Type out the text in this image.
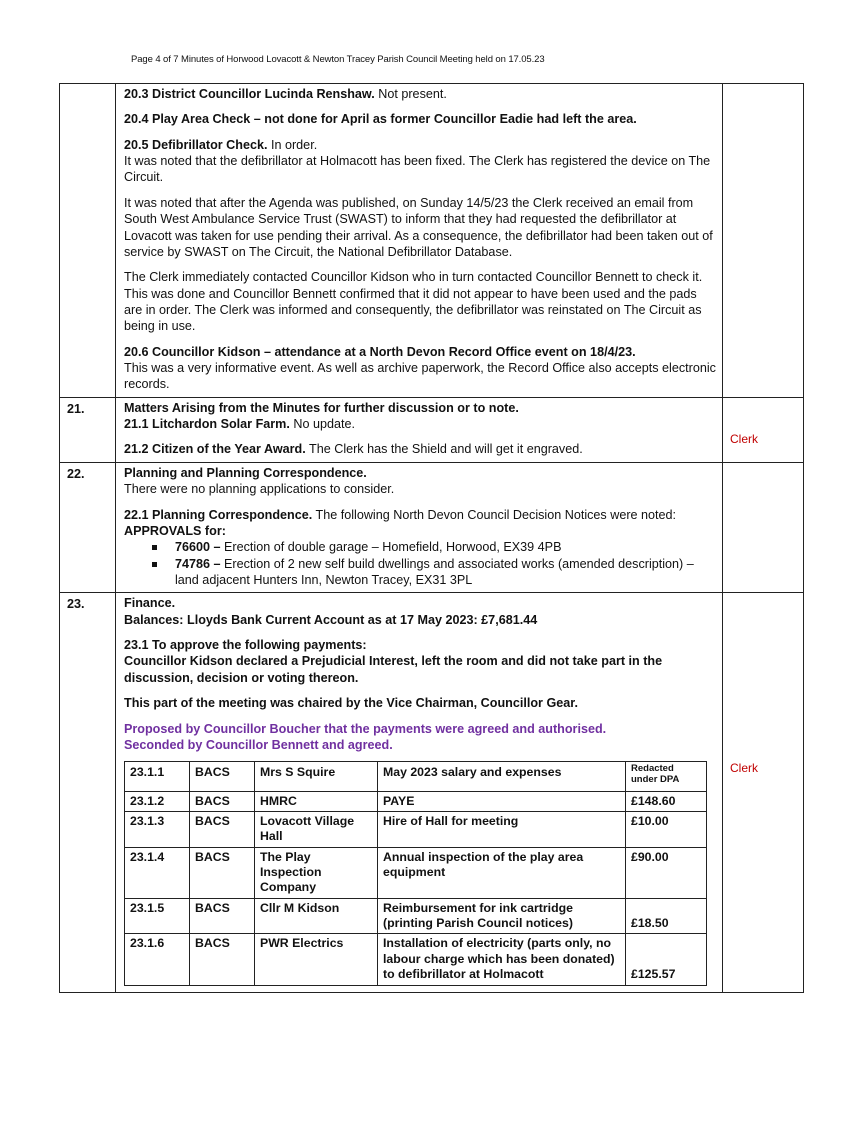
Page 4 of 7 Minutes of Horwood Lovacott & Newton Tracey Parish Council Meeting held on 17.05.23

20.3 District Councillor Lucinda Renshaw. Not present.

20.4 Play Area Check – not done for April as former Councillor Eadie had left the area.

20.5 Defibrillator Check. In order.

It was noted that the defibrillator at Holmacott has been fixed. The Clerk has registered the device on The Circuit.

It was noted that after the Agenda was published, on Sunday 14/5/23 the Clerk received an email from South West Ambulance Service Trust (SWAST) to inform that they had requested the defibrillator at Lovacott was taken for use pending their arrival. As a consequence, the defibrillator had been taken out of service by SWAST on The Circuit, the National Defibrillator Database.

The Clerk immediately contacted Councillor Kidson who in turn contacted Councillor Bennett to check it. This was done and Councillor Bennett confirmed that it did not appear to have been used and the pads are in order. The Clerk was informed and consequently, the defibrillator was reinstated on The Circuit as being in use.

20.6 Councillor Kidson – attendance at a North Devon Record Office event on 18/4/23.

This was a very informative event. As well as archive paperwork, the Record Office also accepts electronic records.

21.	Matters Arising from the Minutes for further discussion or to note.

21.1 Litchardon Solar Farm. No update.

21.2 Citizen of the Year Award. The Clerk has the Shield and will get it engraved.

	Clerk
22.	Planning and Planning Correspondence.

There were no planning applications to consider.

22.1 Planning Correspondence. The following North Devon Council Decision Notices were noted:

APPROVALS for:

76600 – Erection of double garage – Homefield, Horwood, EX39 4PB
74786 – Erection of 2 new self build dwellings and associated works (amended description) – land adjacent Hunters Inn, Newton Tracey, EX31 3PL

23.	Finance.

Balances: Lloyds Bank Current Account as at 17 May 2023: £7,681.44

23.1 To approve the following payments:

Councillor Kidson declared a Prejudicial Interest, left the room and did not take part in the discussion, decision or voting thereon.

This part of the meeting was chaired by the Vice Chairman, Councillor Gear.

Proposed by Councillor Boucher that the payments were agreed and authorised.

Seconded by Councillor Bennett and agreed.

23.1.1	BACS	Mrs S Squire	May 2023 salary and expenses	Redacted under DPA
23.1.2	BACS	HMRC	PAYE	£148.60
23.1.3	BACS	Lovacott Village Hall	Hire of Hall for meeting	£10.00
23.1.4	BACS	The Play Inspection Company	Annual inspection of the play area equipment	£90.00
23.1.5	BACS	Cllr M Kidson	Reimbursement for ink cartridge (printing Parish Council notices)	£18.50
23.1.6	BACS	PWR Electrics	Installation of electricity (parts only, no labour charge which has been donated) to defibrillator at Holmacott	£125.57
	Clerk
